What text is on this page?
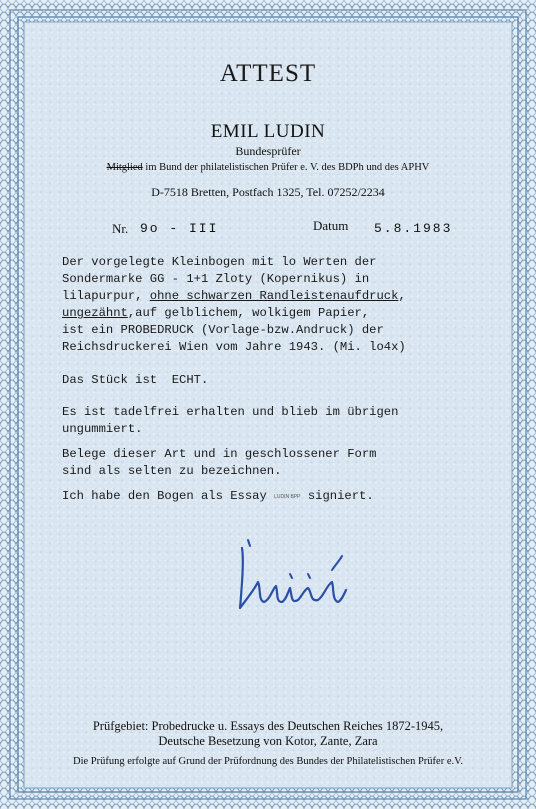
ATTEST
EMIL LUDIN
Bundesprüfer
Mitglied im Bund der philatelistischen Prüfer e. V. des BDPh und des APHV
D-7518 Bretten, Postfach 1325, Tel. 07252/2234
Nr. 9o - III	Datum 5.8.1983
Der vorgelegte Kleinbogen mit lo Werten der
Sondermarke GG - 1+1 Zloty (Kopernikus) in
lilapurpur, ohne schwarzen Randleistenaufdruck,
ungezähnt,auf gelblichem, wolkigem Papier,
ist ein PROBEDRUCK (Vorlage-bzw.Andruck) der
Reichsdruckerei Wien vom Jahre 1943. (Mi. lo4x)
Das Stück ist  ECHT.
Es ist tadelfrei erhalten und blieb im übrigen
ungummiert.
Belege dieser Art und in geschlossener Form
sind als selten zu bezeichnen.
Ich habe den Bogen als Essay LUDIN BPP signiert.
Prüfgebiet: Probedrucke u. Essays des Deutschen Reiches 1872-1945,
Deutsche Besetzung von Kotor, Zante, Zara
Die Prüfung erfolgte auf Grund der Prüfordnung des Bundes der Philatelistischen Prüfer e.V.
